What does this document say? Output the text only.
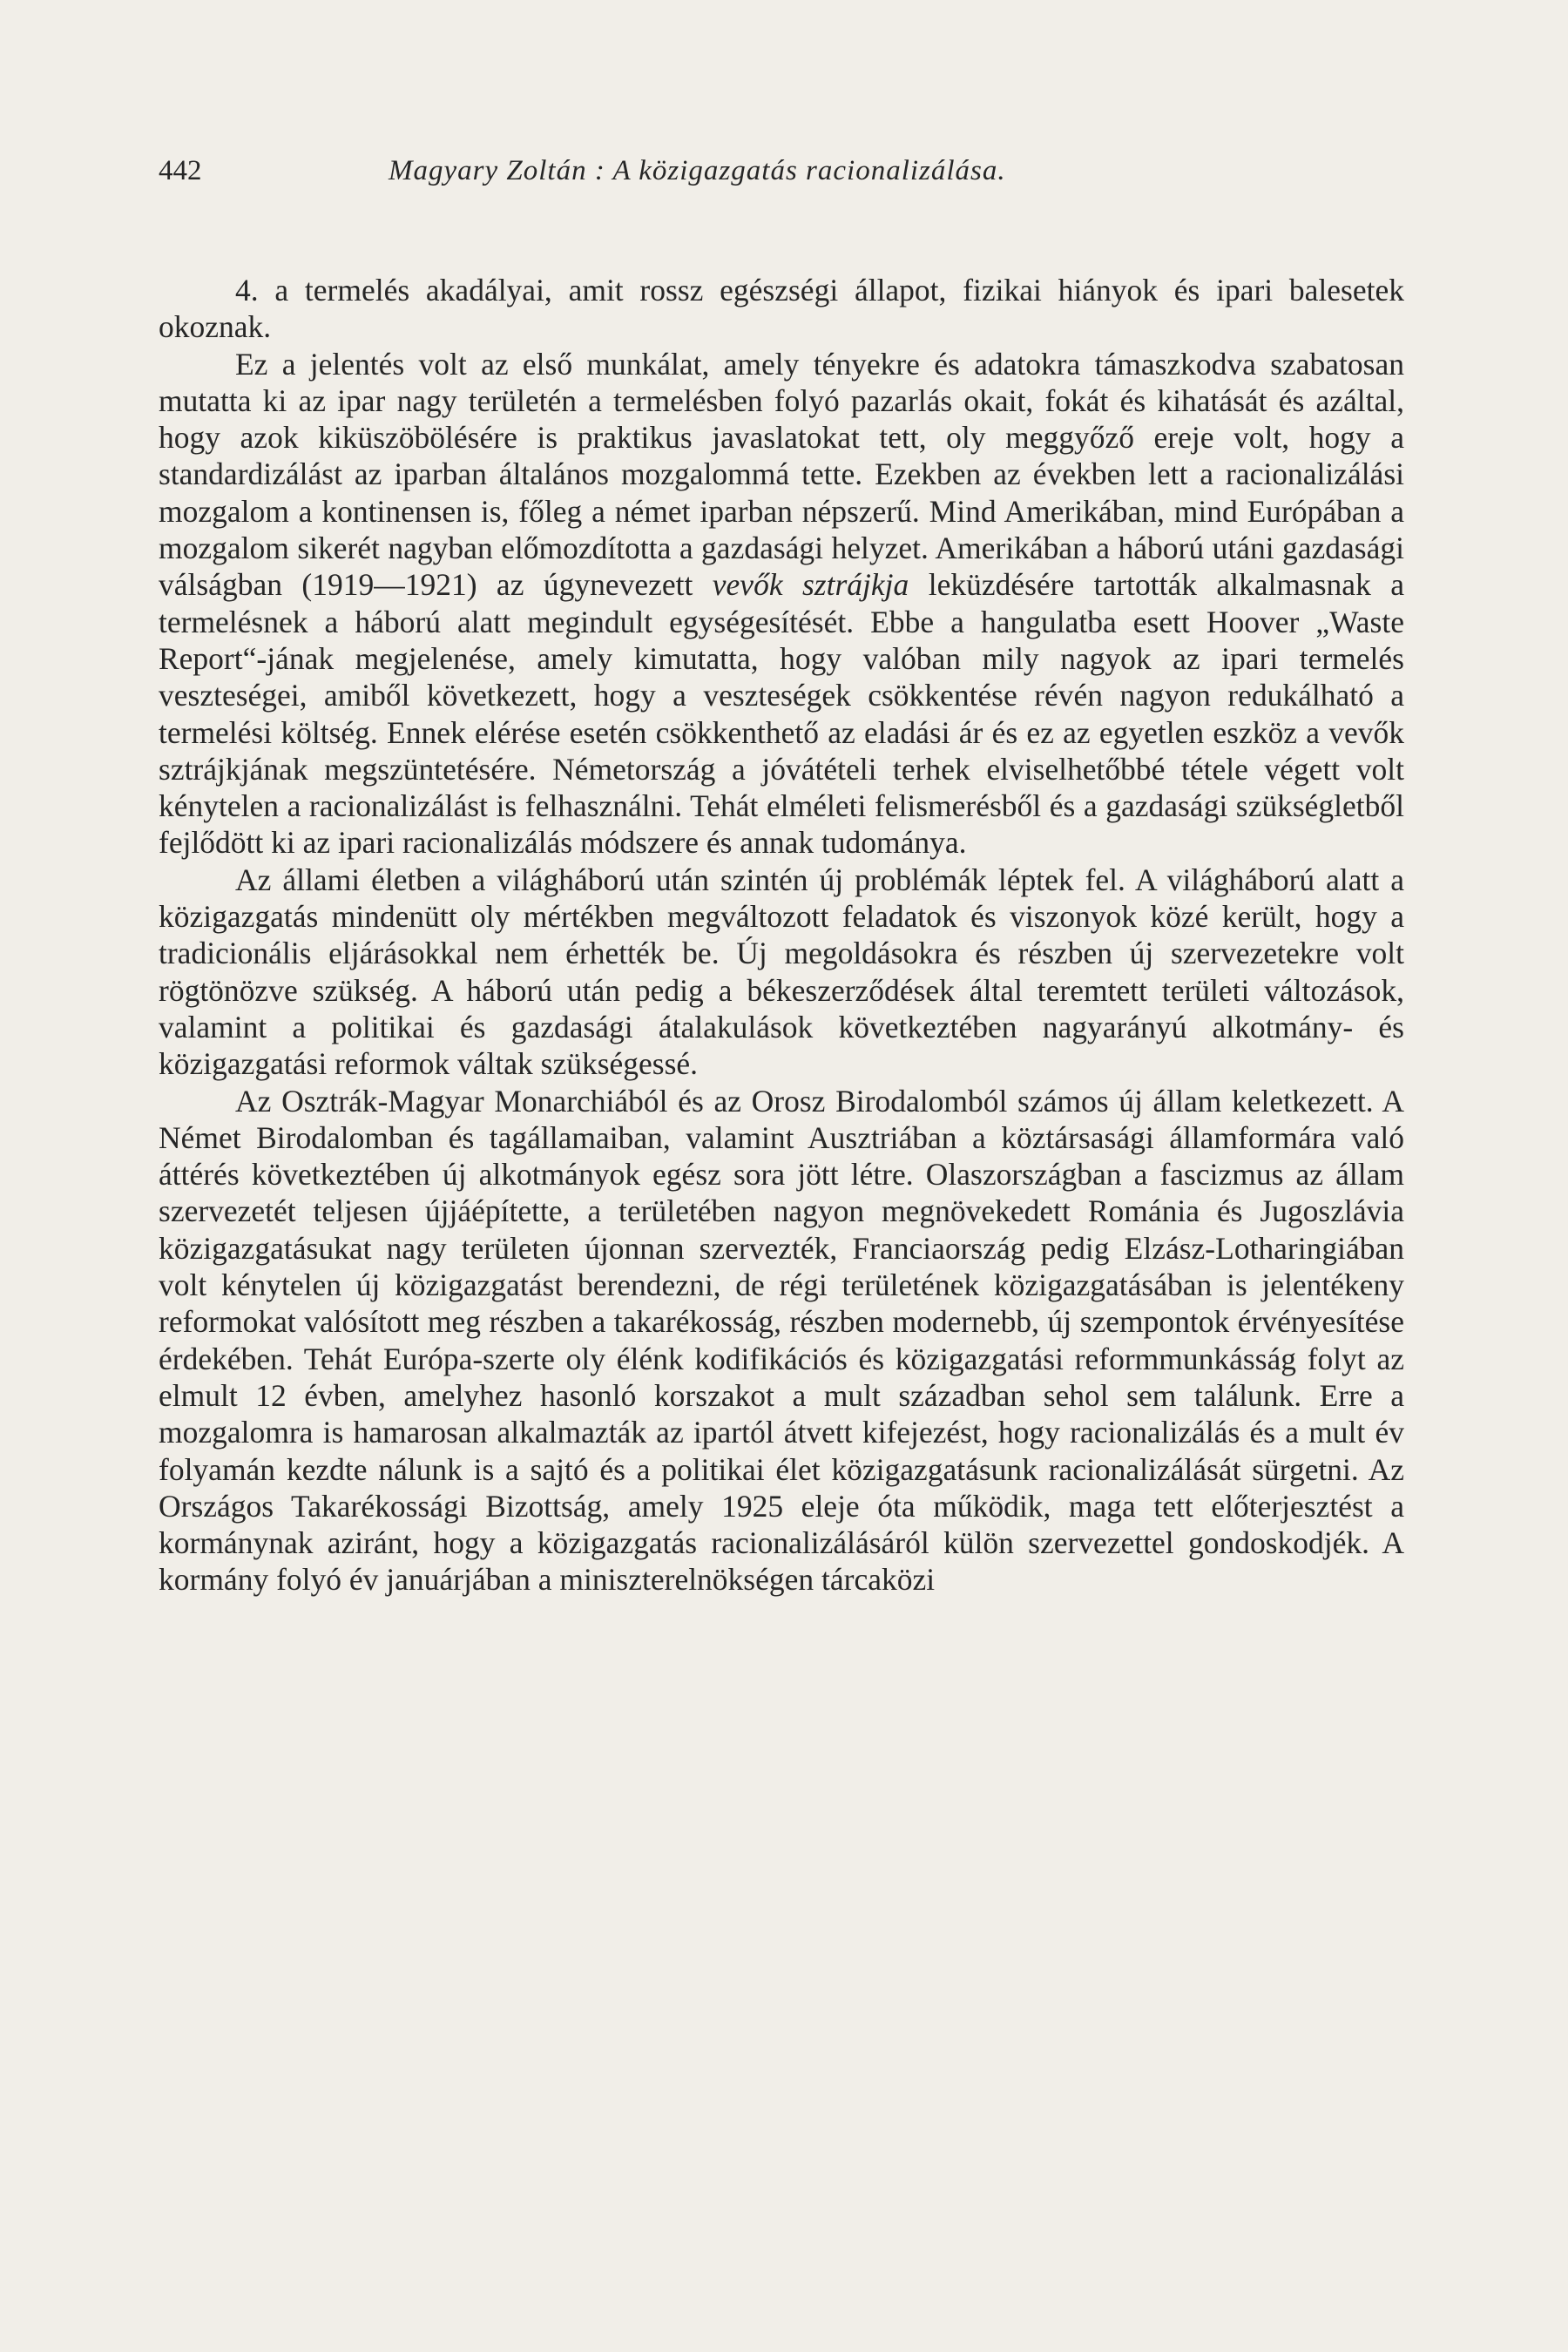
442	Magyary Zoltán : A közigazgatás racionalizálása.

4. a termelés akadályai, amit rossz egészségi állapot, fizikai hiányok és ipari balesetek okoznak.

Ez a jelentés volt az első munkálat, amely tényekre és adatokra támaszkodva szabatosan mutatta ki az ipar nagy területén a termelésben folyó pazarlás okait, fokát és kihatását és azáltal, hogy azok kiküszöbölésére is praktikus javaslatokat tett, oly meggyőző ereje volt, hogy a standardizálást az iparban általános mozgalommá tette. Ezekben az években lett a racionalizálási mozgalom a kontinensen is, főleg a német iparban népszerű. Mind Amerikában, mind Európában a mozgalom sikerét nagyban előmozdította a gazdasági helyzet. Amerikában a háború utáni gazdasági válságban (1919—1921) az úgynevezett vevők sztrájkja leküzdésére tartották alkalmasnak a termelésnek a háború alatt megindult egységesítését. Ebbe a hangulatba esett Hoover „Waste Report“-jának megjelenése, amely kimutatta, hogy valóban mily nagyok az ipari termelés veszteségei, amiből következett, hogy a veszteségek csökkentése révén nagyon redukálható a termelési költség. Ennek elérése esetén csökkenthető az eladási ár és ez az egyetlen eszköz a vevők sztrájkjának megszüntetésére. Németország a jóvátételi terhek elviselhetőbbé tétele végett volt kénytelen a racionalizálást is felhasználni. Tehát elméleti felismerésből és a gazdasági szükségletből fejlődött ki az ipari racionalizálás módszere és annak tudománya.

Az állami életben a világháború után szintén új problémák léptek fel. A világháború alatt a közigazgatás mindenütt oly mértékben megváltozott feladatok és viszonyok közé került, hogy a tradicionális eljárásokkal nem érhették be. Új megoldásokra és részben új szervezetekre volt rögtönözve szükség. A háború után pedig a békeszerződések által teremtett területi változások, valamint a politikai és gazdasági átalakulások következtében nagyarányú alkotmány- és közigazgatási reformok váltak szükségessé.

Az Osztrák-Magyar Monarchiából és az Orosz Birodalomból számos új állam keletkezett. A Német Birodalomban és tagállamaiban, valamint Ausztriában a köztársasági államformára való áttérés következtében új alkotmányok egész sora jött létre. Olaszországban a fascizmus az állam szervezetét teljesen újjáépítette, a területében nagyon megnövekedett Románia és Jugoszlávia közigazgatásukat nagy területen újonnan szervezték, Franciaország pedig Elzász-Lotharingiában volt kénytelen új közigazgatást berendezni, de régi területének közigazgatásában is jelentékeny reformokat valósított meg részben a takarékosság, részben modernebb, új szempontok érvényesítése érdekében. Tehát Európa-szerte oly élénk kodifikációs és közigazgatási reformmunkásság folyt az elmult 12 évben, amelyhez hasonló korszakot a mult században sehol sem találunk. Erre a mozgalomra is hamarosan alkalmazták az ipartól átvett kifejezést, hogy racionalizálás és a mult év folyamán kezdte nálunk is a sajtó és a politikai élet közigazgatásunk racionalizálását sürgetni. Az Országos Takarékossági Bizottság, amely 1925 eleje óta működik, maga tett előterjesztést a kormánynak aziránt, hogy a közigazgatás racionalizálásáról külön szervezettel gondoskodjék. A kormány folyó év januárjában a miniszterelnökségen tárcaközi
